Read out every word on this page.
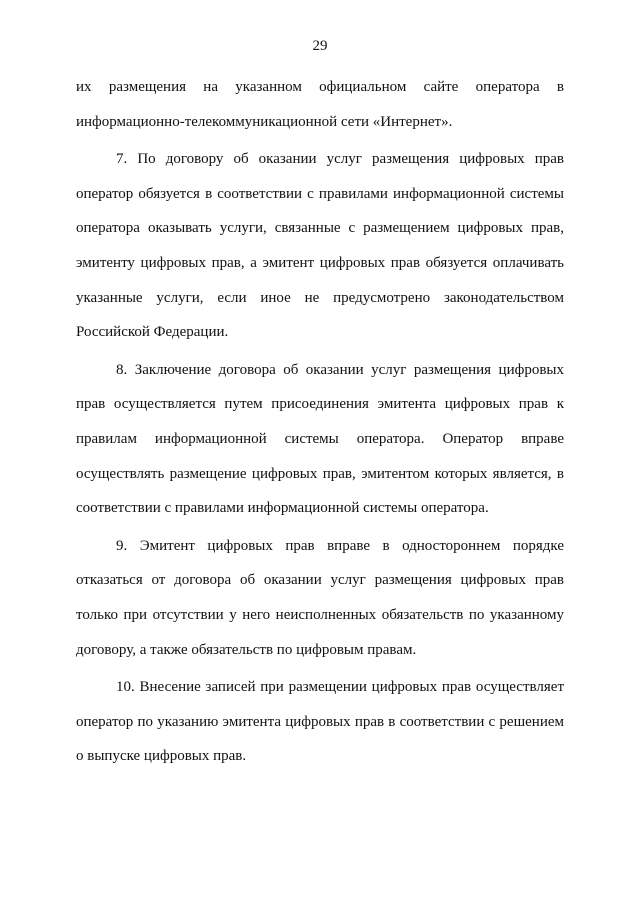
29

их размещения на указанном официальном сайте оператора в
информационно-телекоммуникационной сети «Интернет».

7. По договору об оказании услуг размещения цифровых прав
оператор обязуется в соответствии с правилами информационной системы
оператора оказывать услуги, связанные с размещением цифровых прав,
эмитенту цифровых прав, а эмитент цифровых прав обязуется оплачивать
указанные услуги, если иное не предусмотрено законодательством
Российской Федерации.

8. Заключение договора об оказании услуг размещения цифровых
прав осуществляется путем присоединения эмитента цифровых прав к
правилам информационной системы оператора. Оператор вправе
осуществлять размещение цифровых прав, эмитентом которых является, в
соответствии с правилами информационной системы оператора.

9. Эмитент цифровых прав вправе в одностороннем порядке
отказаться от договора об оказании услуг размещения цифровых прав
только при отсутствии у него неисполненных обязательств по указанному
договору, а также обязательств по цифровым правам.

10. Внесение записей при размещении цифровых прав осуществляет
оператор по указанию эмитента цифровых прав в соответствии с решением
о выпуске цифровых прав.
